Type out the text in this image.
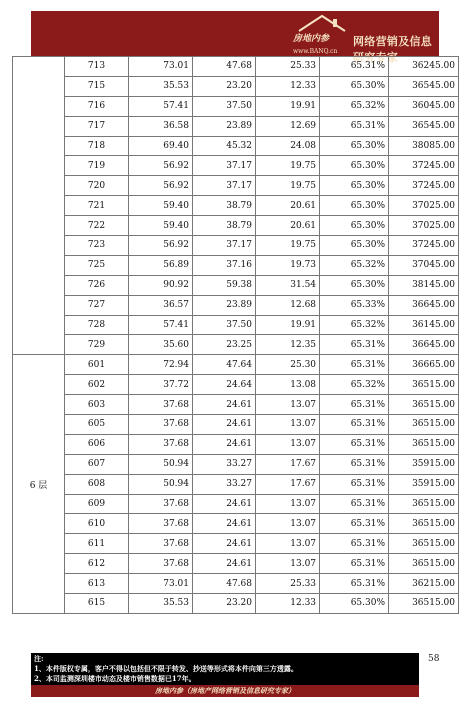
房地内参
www.BANQ.cn
网络营销及信息研究专家
	713	73.01	47.68	25.33	65.31%	36245.00	
	715	35.53	23.20	12.33	65.30%	36545.00	
	716	57.41	37.50	19.91	65.32%	36045.00	
	717	36.58	23.89	12.69	65.31%	36545.00	
	718	69.40	45.32	24.08	65.30%	38085.00	
	719	56.92	37.17	19.75	65.30%	37245.00	
	720	56.92	37.17	19.75	65.30%	37245.00	
	721	59.40	38.79	20.61	65.30%	37025.00	
	722	59.40	38.79	20.61	65.30%	37025.00	
	723	56.92	37.17	19.75	65.30%	37245.00	
	725	56.89	37.16	19.73	65.32%	37045.00	
	726	90.92	59.38	31.54	65.30%	38145.00	
	727	36.57	23.89	12.68	65.33%	36645.00	
	728	57.41	37.50	19.91	65.32%	36145.00	
	729	35.60	23.25	12.35	65.31%	36645.00	
6 层	601	72.94	47.64	25.30	65.31%	36665.00	
	602	37.72	24.64	13.08	65.32%	36515.00	
	603	37.68	24.61	13.07	65.31%	36515.00	
	605	37.68	24.61	13.07	65.31%	36515.00	
	606	37.68	24.61	13.07	65.31%	36515.00	
	607	50.94	33.27	17.67	65.31%	35915.00	
	608	50.94	33.27	17.67	65.31%	35915.00	
	609	37.68	24.61	13.07	65.31%	36515.00	
	610	37.68	24.61	13.07	65.31%	36515.00	
	611	37.68	24.61	13.07	65.31%	36515.00	
	612	37.68	24.61	13.07	65.31%	36515.00	
	613	73.01	47.68	25.33	65.31%	36215.00	
	615	35.53	23.20	12.33	65.30%	36515.00	
注:
1、本件版权专属，客户不得以包括但不限于转发、抄送等形式将本件向第三方透露。
2、本司监测深圳楼市动态及楼市销售数据已17年。
58
房地内参（房地产网络营销及信息研究专家）
